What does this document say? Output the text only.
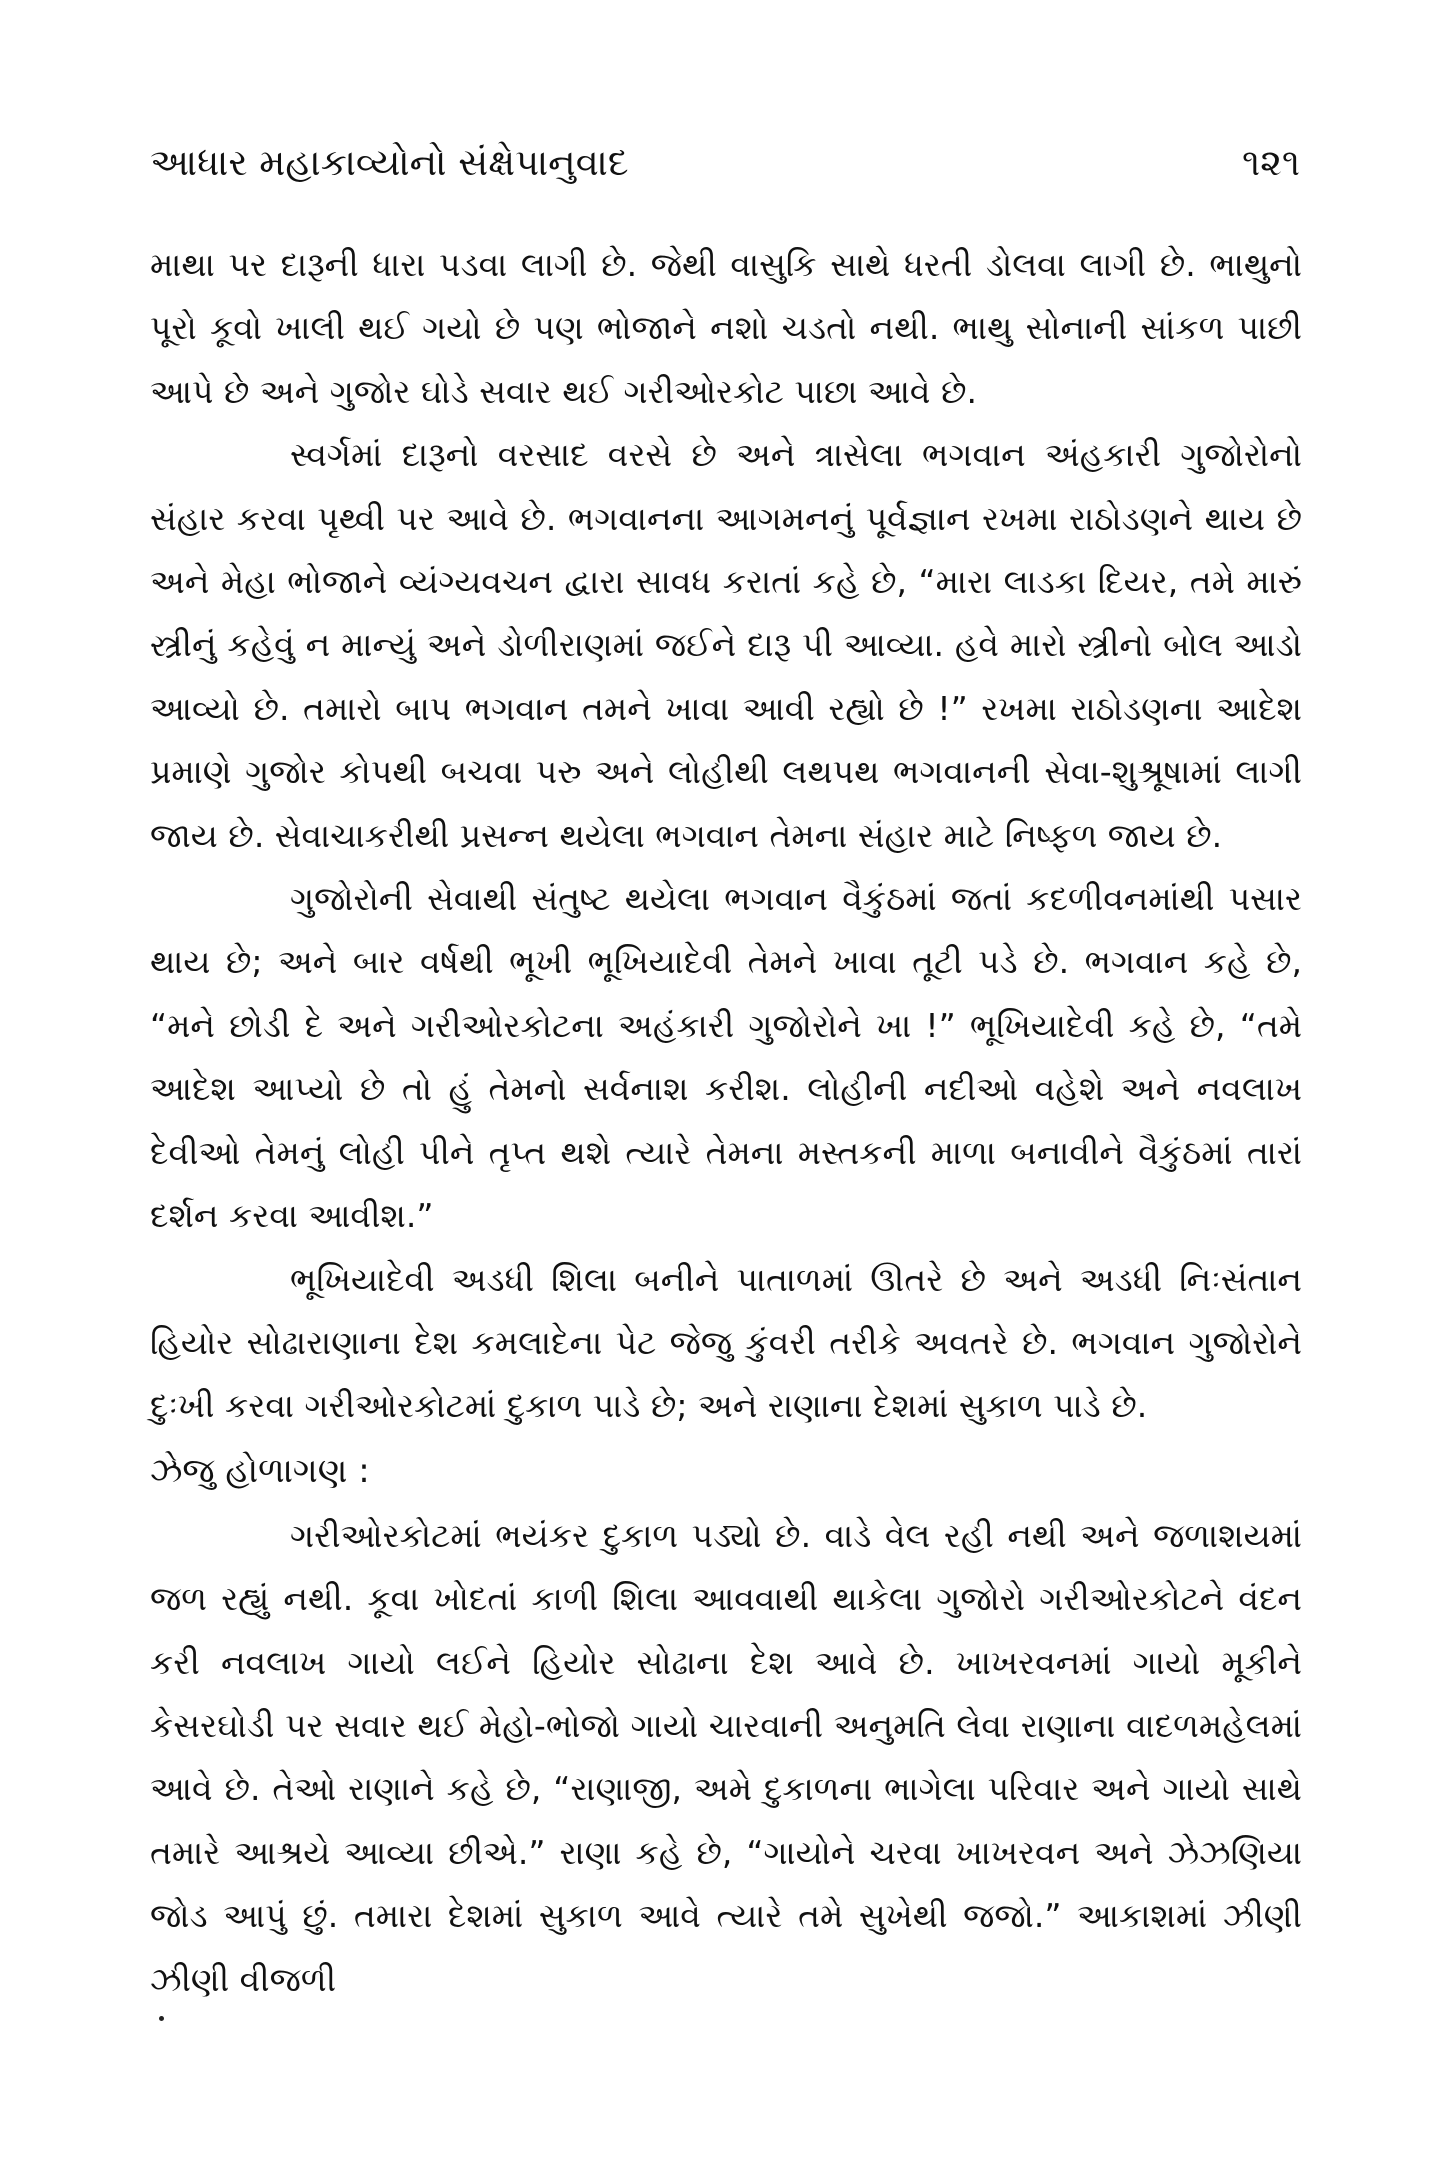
આધાર મહાકાવ્યોનો સંક્ષેપાનુવાદ	૧૨૧

માથા પર દારૂની ધારા પડવા લાગી છે. જેથી વાસુકિ સાથે ધરતી ડોલવા લાગી છે. ભાથુનો પૂરો કૂવો ખાલી થઈ ગયો છે પણ ભોજાને નશો ચડતો નથી. ભાથુ સોનાની સાંકળ પાછી આપે છે અને ગુજોર ઘોડે સવાર થઈ ગરીઓરકોટ પાછા આવે છે.

સ્વર્ગમાં દારૂનો વરસાદ વરસે છે અને ત્રાસેલા ભગવાન અંહકારી ગુજોરોનો સંહાર કરવા પૃથ્વી પર આવે છે. ભગવાનના આગમનનું પૂર્વજ્ઞાન રખમા રાઠોડણને થાય છે અને મેહા ભોજાને વ્યંગ્યવચન દ્વારા સાવધ કરાતાં કહે છે, “મારા લાડકા દિયર, તમે મારું સ્ત્રીનું કહેવું ન માન્યું અને ડોળીરાણમાં જઈને દારૂ પી આવ્યા. હવે મારો સ્ત્રીનો બોલ આડો આવ્યો છે. તમારો બાપ ભગવાન તમને ખાવા આવી રહ્યો છે !” રખમા રાઠોડણના આદેશ પ્રમાણે ગુજોર કોપથી બચવા પરુ અને લોહીથી લથપથ ભગવાનની સેવા-શુશ્રૂષામાં લાગી જાય છે. સેવાચાકરીથી પ્રસન્ન થયેલા ભગવાન તેમના સંહાર માટે નિષ્ફળ જાય છે.

ગુજોરોની સેવાથી સંતુષ્ટ થયેલા ભગવાન વૈકુંઠમાં જતાં કદળીવનમાંથી પસાર થાય છે; અને બાર વર્ષથી ભૂખી ભૂખિયાદેવી તેમને ખાવા તૂટી પડે છે. ભગવાન કહે છે, “મને છોડી દે અને ગરીઓરકોટના અહંકારી ગુજોરોને ખા !” ભૂખિયાદેવી કહે છે, “તમે આદેશ આપ્યો છે તો હું તેમનો સર્વનાશ કરીશ. લોહીની નદીઓ વહેશે અને નવલાખ દેવીઓ તેમનું લોહી પીને તૃપ્ત થશે ત્યારે તેમના મસ્તકની માળા બનાવીને વૈકુંઠમાં તારાં દર્શન કરવા આવીશ.”

ભૂખિયાદેવી અડધી શિલા બનીને પાતાળમાં ઊતરે છે અને અડધી નિઃસંતાન હિયોર સોઢારાણાના દેશ કમલાદેના પેટ જેજુ કુંવરી તરીકે અવતરે છે. ભગવાન ગુજોરોને દુઃખી કરવા ગરીઓરકોટમાં દુકાળ પાડે છે; અને રાણાના દેશમાં સુકાળ પાડે છે.

ઝેજુ હોળાગણ :

ગરીઓરકોટમાં ભયંકર દુકાળ પડ્યો છે. વાડે વેલ રહી નથી અને જળાશયમાં જળ રહ્યું નથી. કૂવા ખોદતાં કાળી શિલા આવવાથી થાકેલા ગુજોરો ગરીઓરકોટને વંદન કરી નવલાખ ગાયો લઈને હિયોર સોઢાના દેશ આવે છે. ખાખરવનમાં ગાયો મૂકીને કેસરઘોડી પર સવાર થઈ મેહો-ભોજો ગાયો ચારવાની અનુમતિ લેવા રાણાના વાદળમહેલમાં આવે છે. તેઓ રાણાને કહે છે, “રાણાજી, અમે દુકાળના ભાગેલા પરિવાર અને ગાયો સાથે તમારે આશ્રયે આવ્યા છીએ.” રાણા કહે છે, “ગાયોને ચરવા ખાખરવન અને ઝેઝણિયા જોડ આપું છું. તમારા દેશમાં સુકાળ આવે ત્યારે તમે સુખેથી જજો.” આકાશમાં ઝીણી ઝીણી વીજળી
